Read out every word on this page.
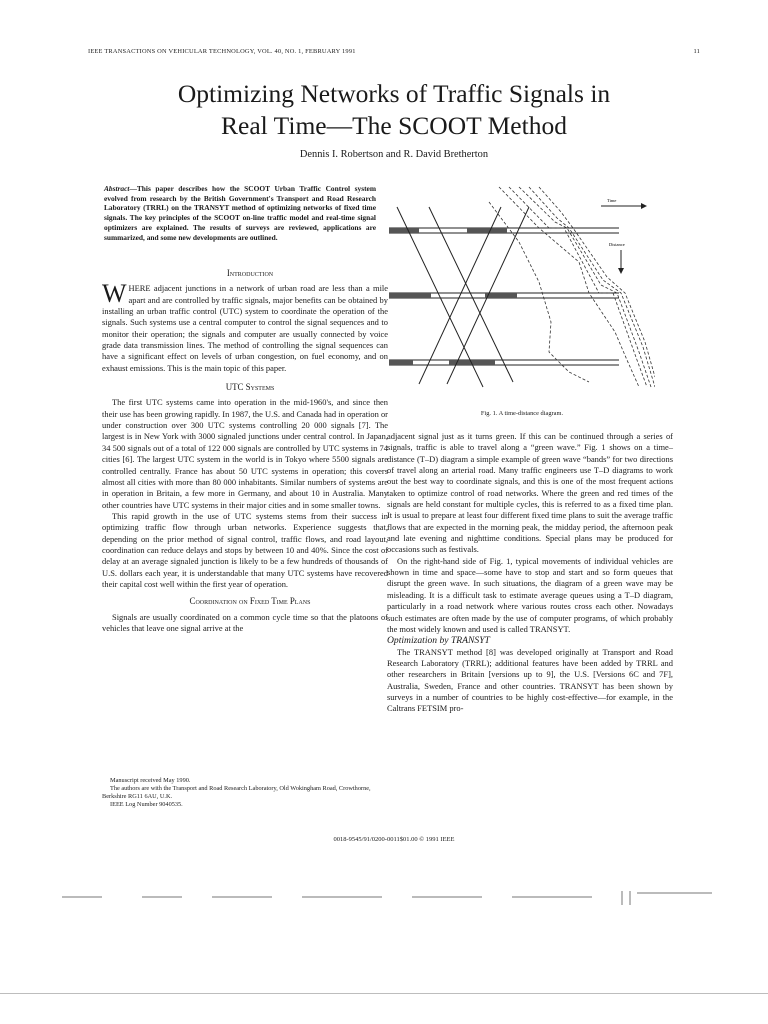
IEEE TRANSACTIONS ON VEHICULAR TECHNOLOGY, VOL. 40, NO. 1, FEBRUARY 1991	11
Optimizing Networks of Traffic Signals in
Real Time—The SCOOT Method
Dennis I. Robertson and R. David Bretherton
Abstract—This paper describes how the SCOOT Urban Traffic Control system evolved from research by the British Government's Transport and Road Research Laboratory (TRRL) on the TRANSYT method of optimizing networks of fixed time signals. The key principles of the SCOOT on-line traffic model and real-time signal optimizers are explained. The results of surveys are reviewed, applications are summarized, and some new developments are outlined.

Introduction

WHERE adjacent junctions in a network of urban road are less than a mile apart and are controlled by traffic signals, major benefits can be obtained by installing an urban traffic control (UTC) system to coordinate the operation of the signals. Such systems use a central computer to control the signal sequences and to monitor their operation; the signals and computer are usually connected by voice grade data transmission lines. The method of controlling the signal sequences can have a significant effect on levels of urban congestion, on fuel economy, and on exhaust emissions. This is the main topic of this paper.

UTC Systems

The first UTC systems came into operation in the mid-1960's, and since then their use has been growing rapidly. In 1987, the U.S. and Canada had in operation or under construction over 300 UTC systems controlling 20 000 signals [7]. The largest is in New York with 3000 signaled junctions under central control. In Japan, 34 500 signals out of a total of 122 000 signals are controlled by UTC systems in 74 cities [6]. The largest UTC system in the world is in Tokyo where 5500 signals are controlled centrally. France has about 50 UTC systems in operation; this covers almost all cities with more than 80 000 inhabitants. Similar numbers of systems are in operation in Britain, a few more in Germany, and about 10 in Australia. Many other countries have UTC systems in their major cities and in some smaller towns.

This rapid growth in the use of UTC systems stems from their success in optimizing traffic flow through urban networks. Experience suggests that, depending on the prior method of signal control, traffic flows, and road layout, coordination can reduce delays and stops by between 10 and 40%. Since the cost of delay at an average signaled junction is likely to be a few hundreds of thousands of U.S. dollars each year, it is understandable that many UTC systems have recovered their capital cost well within the first year of operation.

Coordination on Fixed Time Plans

Signals are usually coordinated on a common cycle time so that the platoons of vehicles that leave one signal arrive at the

Manuscript received May 1990.

The authors are with the Transport and Road Research Laboratory, Old Wokingham Road, Crowthorne, Berkshire RG11 6AU, U.K.

IEEE Log Number 9040535.

Time
Distance
Fig. 1. A time-distance diagram.

adjacent signal just as it turns green. If this can be continued through a series of signals, traffic is able to travel along a “green wave.” Fig. 1 shows on a time–distance (T–D) diagram a simple example of green wave “bands” for two directions of travel along an arterial road. Many traffic engineers use T–D diagrams to work out the best way to coordinate signals, and this is one of the most frequent actions taken to optimize control of road networks. Where the green and red times of the signals are held constant for multiple cycles, this is referred to as a fixed time plan. It is usual to prepare at least four different fixed time plans to suit the average traffic flows that are expected in the morning peak, the midday period, the afternoon peak and late evening and nighttime conditions. Special plans may be produced for occasions such as festivals.

On the right-hand side of Fig. 1, typical movements of individual vehicles are shown in time and space—some have to stop and start and so form queues that disrupt the green wave. In such situations, the diagram of a green wave may be misleading. It is a difficult task to estimate average queues using a T–D diagram, particularly in a road network where various routes cross each other. Nowadays such estimates are often made by the use of computer programs, of which probably the most widely known and used is called TRANSYT.

Optimization by TRANSYT

The TRANSYT method [8] was developed originally at Transport and Road Research Laboratory (TRRL); additional features have been added by TRRL and other researchers in Britain [versions up to 9], the U.S. [Versions 6C and 7F], Australia, Sweden, France and other countries. TRANSYT has been shown by surveys in a number of countries to be highly cost-effective—for example, in the Caltrans FETSIM pro-

0018-9545/91/0200-0011$01.00 © 1991 IEEE
